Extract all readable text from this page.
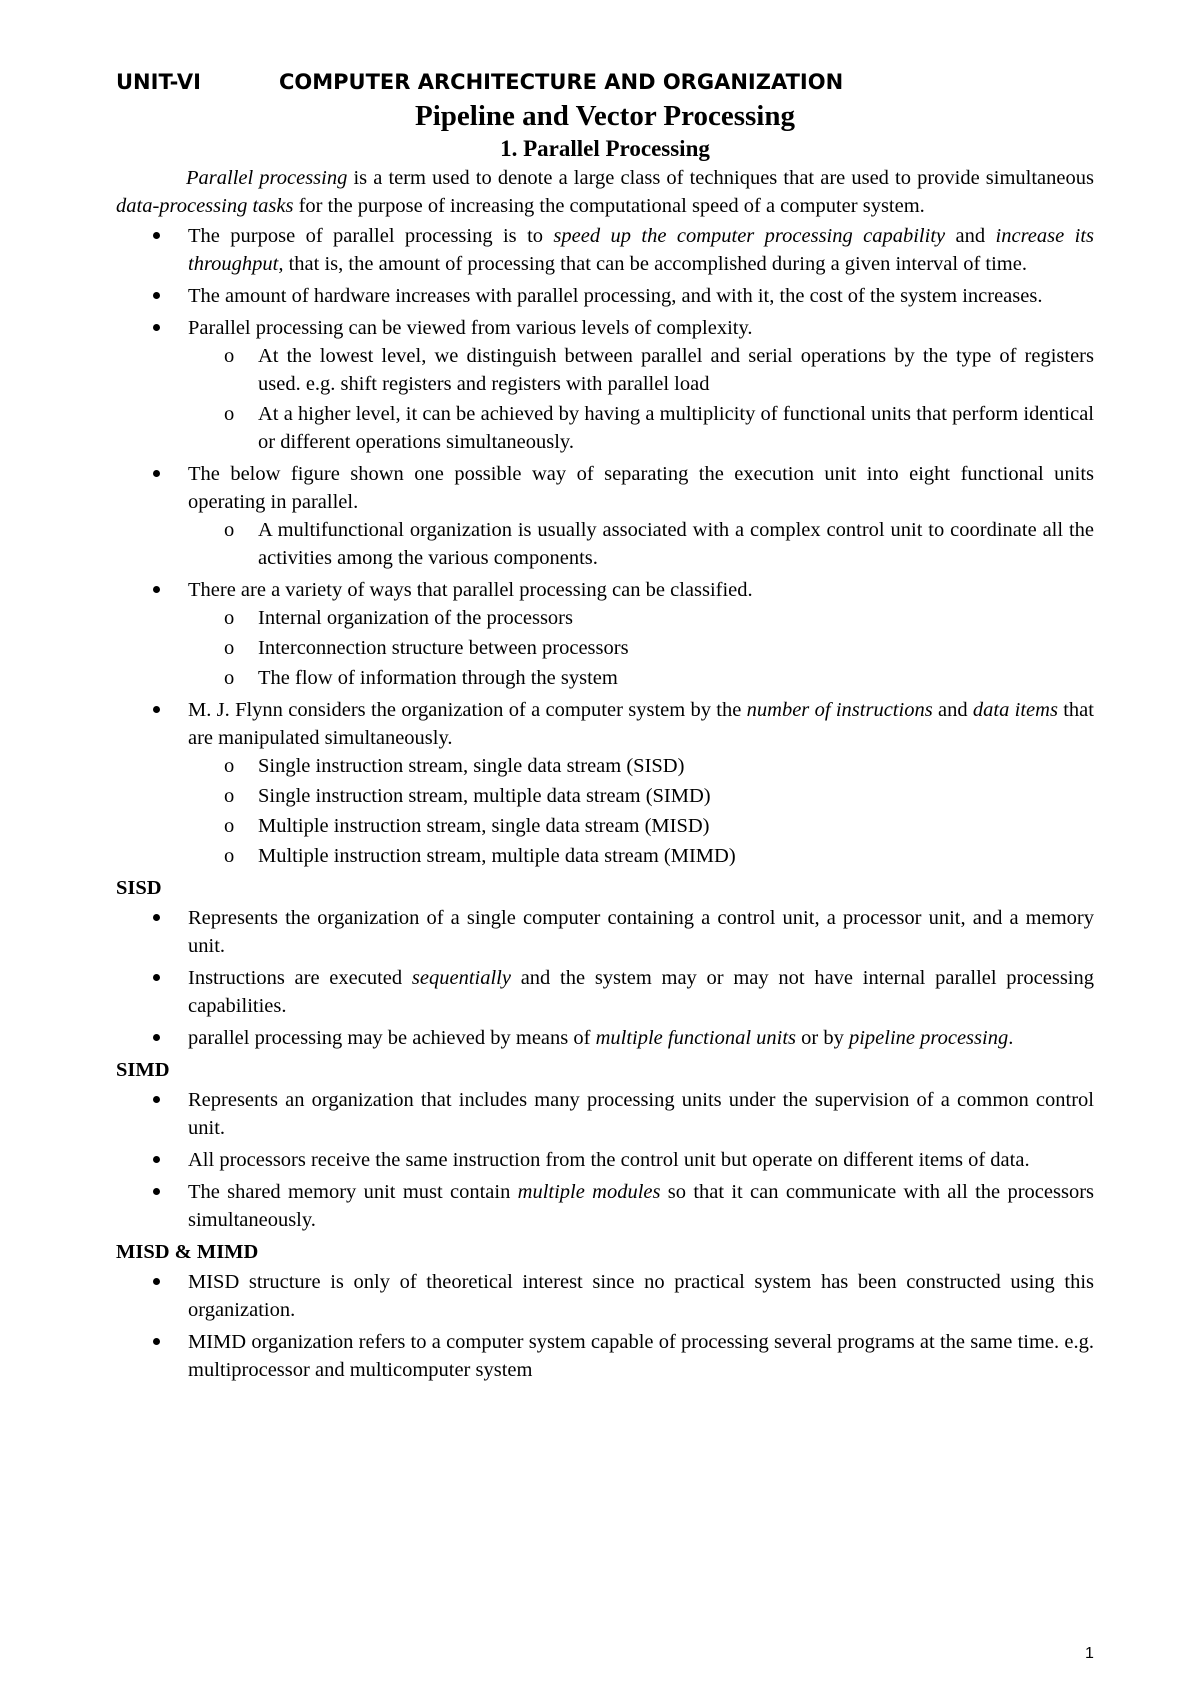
UNIT-VI	COMPUTER ARCHITECTURE AND ORGANIZATION

Pipeline and Vector Processing
1. Parallel Processing

Parallel processing is a term used to denote a large class of techniques that are used to provide simultaneous data-processing tasks for the purpose of increasing the computational speed of a computer system.

The purpose of parallel processing is to speed up the computer processing capability and increase its throughput, that is, the amount of processing that can be accomplished during a given interval of time.
The amount of hardware increases with parallel processing, and with it, the cost of the system increases.
Parallel processing can be viewed from various levels of complexity.
o At the lowest level, we distinguish between parallel and serial operations by the type of registers used. e.g. shift registers and registers with parallel load
o At a higher level, it can be achieved by having a multiplicity of functional units that perform identical or different operations simultaneously.
The below figure shown one possible way of separating the execution unit into eight functional units operating in parallel.
o A multifunctional organization is usually associated with a complex control unit to coordinate all the activities among the various components.
There are a variety of ways that parallel processing can be classified.
o Internal organization of the processors
o Interconnection structure between processors
o The flow of information through the system
M. J. Flynn considers the organization of a computer system by the number of instructions and data items that are manipulated simultaneously.
o Single instruction stream, single data stream (SISD)
o Single instruction stream, multiple data stream (SIMD)
o Multiple instruction stream, single data stream (MISD)
o Multiple instruction stream, multiple data stream (MIMD)
SISD
Represents the organization of a single computer containing a control unit, a processor unit, and a memory unit.
Instructions are executed sequentially and the system may or may not have internal parallel processing capabilities.
parallel processing may be achieved by means of multiple functional units or by pipeline processing.
SIMD
Represents an organization that includes many processing units under the supervision of a common control unit.
All processors receive the same instruction from the control unit but operate on different items of data.
The shared memory unit must contain multiple modules so that it can communicate with all the processors simultaneously.
MISD & MIMD
MISD structure is only of theoretical interest since no practical system has been constructed using this organization.
MIMD organization refers to a computer system capable of processing several programs at the same time. e.g. multiprocessor and multicomputer system
1
